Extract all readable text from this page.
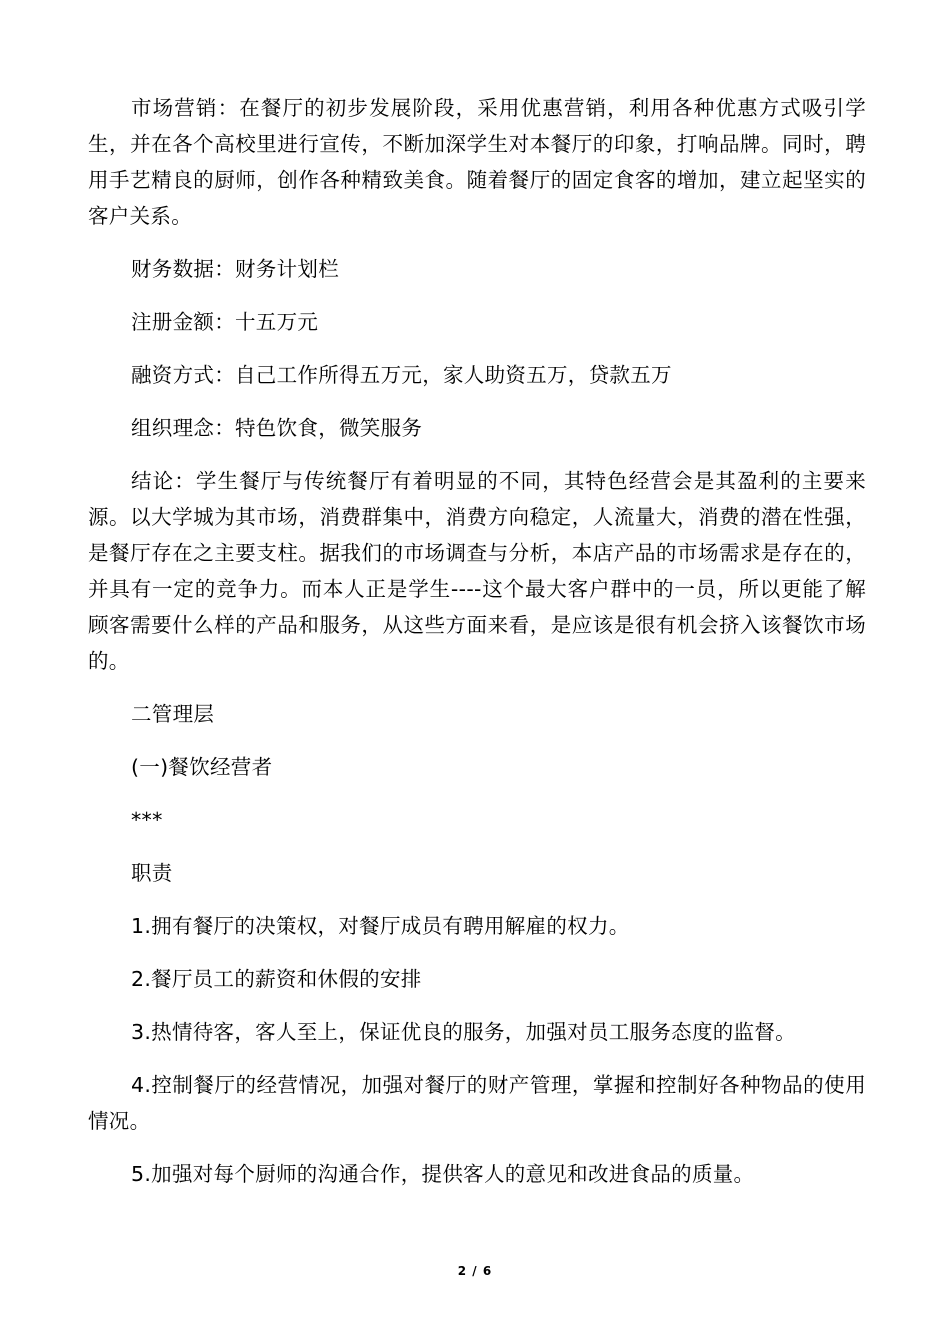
市场营销：在餐厅的初步发展阶段，采用优惠营销，利用各种优惠方式吸引学生，并在各个高校里进行宣传，不断加深学生对本餐厅的印象，打响品牌。同时，聘用手艺精良的厨师，创作各种精致美食。随着餐厅的固定食客的增加，建立起坚实的客户关系。

财务数据：财务计划栏

注册金额：十五万元

融资方式：自己工作所得五万元，家人助资五万，贷款五万

组织理念：特色饮食，微笑服务

结论：学生餐厅与传统餐厅有着明显的不同，其特色经营会是其盈利的主要来源。以大学城为其市场，消费群集中，消费方向稳定，人流量大，消费的潜在性强，是餐厅存在之主要支柱。据我们的市场调查与分析，本店产品的市场需求是存在的，并具有一定的竞争力。而本人正是学生----这个最大客户群中的一员，所以更能了解顾客需要什么样的产品和服务，从这些方面来看，是应该是很有机会挤入该餐饮市场的。

二管理层

(一)餐饮经营者

***

职责

1.拥有餐厅的决策权，对餐厅成员有聘用解雇的权力。

2.餐厅员工的薪资和休假的安排

3.热情待客，客人至上，保证优良的服务，加强对员工服务态度的监督。

4.控制餐厅的经营情况，加强对餐厅的财产管理，掌握和控制好各种物品的使用情况。

5.加强对每个厨师的沟通合作，提供客人的意见和改进食品的质量。

2 / 6
